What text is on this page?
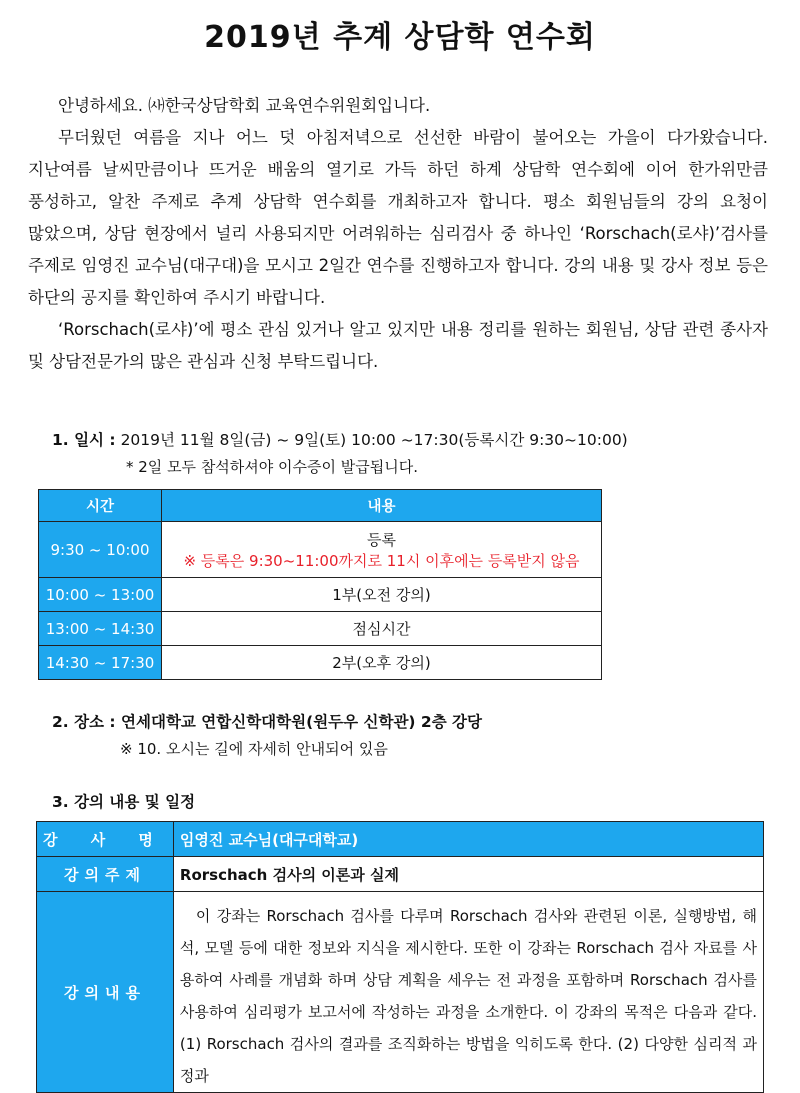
2019년 추계 상담학 연수회

안녕하세요. ㈔한국상담학회 교육연수위원회입니다.

무더웠던 여름을 지나 어느 덧 아침저녁으로 선선한 바람이 불어오는 가을이 다가왔습니다. 지난여름 날씨만큼이나 뜨거운 배움의 열기로 가득 하던 하계 상담학 연수회에 이어 한가위만큼 풍성하고, 알찬 주제로 추계 상담학 연수회를 개최하고자 합니다. 평소 회원님들의 강의 요청이 많았으며, 상담 현장에서 널리 사용되지만 어려워하는 심리검사 중 하나인 ‘Rorschach(로샤)’검사를 주제로 임영진 교수님(대구대)을 모시고 2일간 연수를 진행하고자 합니다. 강의 내용 및 강사 정보 등은 하단의 공지를 확인하여 주시기 바랍니다.

‘Rorschach(로샤)’에 평소 관심 있거나 알고 있지만 내용 정리를 원하는 회원님, 상담 관련 종사자 및 상담전문가의 많은 관심과 신청 부탁드립니다.

1. 일시 : 2019년 11월 8일(금) ~ 9일(토) 10:00 ~17:30(등록시간 9:30~10:00)
* 2일 모두 참석하셔야 이수증이 발급됩니다.
시간	내용
9:30 ~ 10:00	등록
※ 등록은 9:30~11:00까지로 11시 이후에는 등록받지 않음

10:00 ~ 13:00	1부(오전 강의)
13:00 ~ 14:30	점심시간
14:30 ~ 17:30	2부(오후 강의)
2. 장소 : 연세대학교 연합신학대학원(원두우 신학관) 2층 강당
※ 10. 오시는 길에 자세히 안내되어 있음
3. 강의 내용 및 일정
강 사 명	임영진 교수님(대구대학교)
강의주제	Rorschach 검사의 이론과 실제
강의내용	이 강좌는 Rorschach 검사를 다루며 Rorschach 검사와 관련된 이론, 실행방법, 해석, 모델 등에 대한 정보와 지식을 제시한다. 또한 이 강좌는 Rorschach 검사 자료를 사용하여 사례를 개념화 하며 상담 계획을 세우는 전 과정을 포함하며 Rorschach 검사를 사용하여 심리평가 보고서에 작성하는 과정을 소개한다. 이 강좌의 목적은 다음과 같다. (1) Rorschach 검사의 결과를 조직화하는 방법을 익히도록 한다. (2) 다양한 심리적 과정과
